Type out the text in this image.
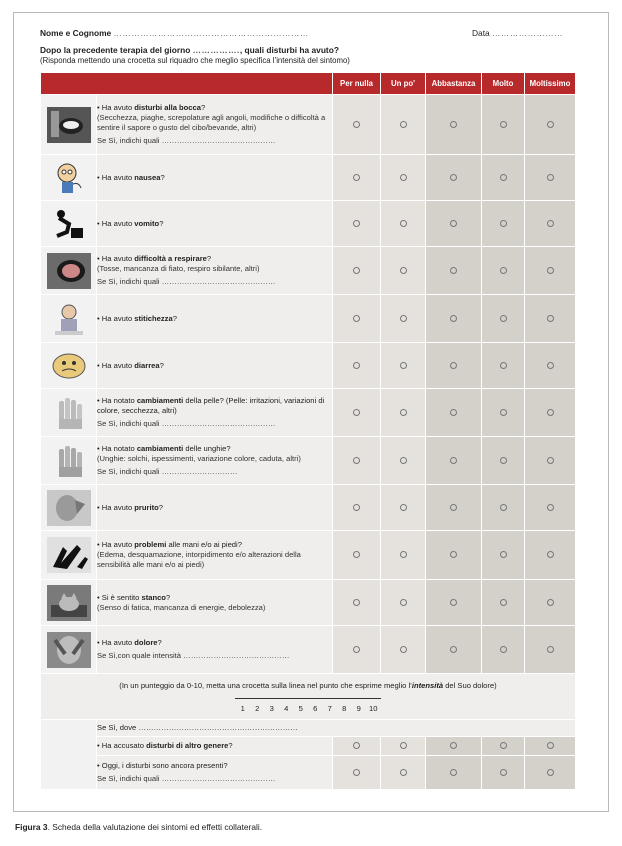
Nome e Cognome …………………………………………………………	Data ……………………
Dopo la precedente terapia del giorno ……………., quali disturbi ha avuto?
(Risponda mettendo una crocetta sul riquadro che meglio specifica l’intensità del sintomo)
		Per nulla	Un po'	Abbastanza	Molto	Moltissimo

	• Ha avuto disturbi alla bocca?
(Secchezza, piaghe, screpolature agli angoli, modifiche o difficoltà a sentire il sapore o gusto del cibo/bevande, altri)
Se Sì, indichi quali ………………………………………					

	• Ha avuto nausea?					

	• Ha avuto vomito?					

	• Ha avuto difficoltà a respirare?
(Tosse, mancanza di fiato, respiro sibilante, altri)
Se Sì, indichi quali ………………………………………					

	• Ha avuto stitichezza?					

	• Ha avuto diarrea?					

	• Ha notato cambiamenti della pelle? (Pelle: irritazioni, variazioni di colore, secchezza, altri)
Se Sì, indichi quali ………………………………………					

	• Ha notato cambiamenti delle unghie?
(Unghie: solchi, ispessimenti, variazione colore, caduta, altri)
Se Sì, indichi quali …………………………					

	• Ha avuto prurito?					

	• Ha avuto problemi alle mani e/o ai piedi?
(Edema, desquamazione, intorpidimento e/o alterazioni della sensibilità alle mani e/o ai piedi)					

	• Si è sentito stanco?
(Senso di fatica, mancanza di energie, debolezza)					

	• Ha avuto dolore?
Se Sì,con quale intensità ……………………………………					

(In un punteggio da 0-10, metta una crocetta sulla linea nel punto che esprime meglio l’intensità del Suo dolore)
1 2 3 4 5 6 7 8 9 10						

	Se Sì, dove ………………………………………………………					
	• Ha accusato disturbi di altro genere?					
	• Oggi, i disturbi sono ancora presenti?
Se Sì, indichi quali ………………………………………					

Figura 3. Scheda della valutazione dei sintomi ed effetti collaterali.
